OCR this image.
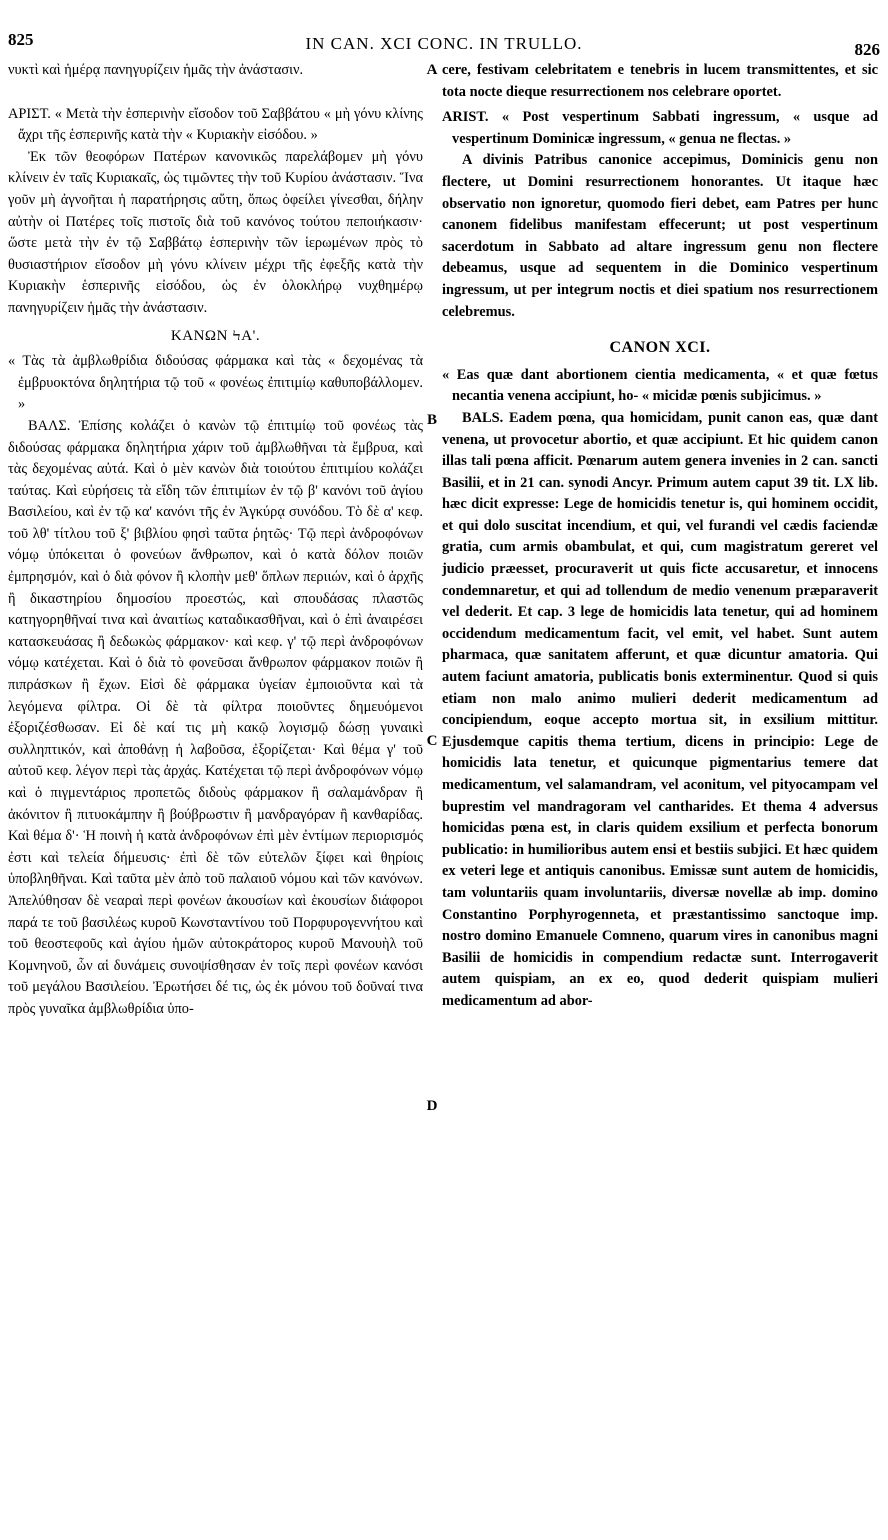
825	IN CAN. XCI CONC. IN TRULLO.	826
A
B
C
D

νυκτὶ καὶ ἡμέρᾳ πανηγυρίζειν ἡμᾶς τὴν ἀνάστασιν.

ΑΡΙΣΤ. « Μετὰ τὴν ἑσπερινὴν εἴσοδον τοῦ Σαββάτου « μὴ γόνυ κλίνης ἄχρι τῆς ἑσπερινῆς κατὰ τὴν « Κυριακὴν εἰσόδου. »

Ἐκ τῶν θεοφόρων Πατέρων κανονικῶς παρελάβομεν μὴ γόνυ κλίνειν ἐν ταῖς Κυριακαῖς, ὡς τιμῶντες τὴν τοῦ Κυρίου ἀνάστασιν. Ἵνα γοῦν μὴ ἀγνοῆται ἡ παρατήρησις αὕτη, ὅπως ὀφείλει γίνεσθαι, δήλην αὐτὴν οἱ Πατέρες τοῖς πιστοῖς διὰ τοῦ κανόνος τούτου πεποιήκασιν· ὥστε μετὰ τὴν ἐν τῷ Σαββάτῳ ἑσπερινὴν τῶν ἱερωμένων πρὸς τὸ θυσιαστήριον εἴσοδον μὴ γόνυ κλίνειν μέχρι τῆς ἐφεξῆς κατὰ τὴν Κυριακὴν ἑσπερινῆς εἰσόδου, ὡς ἐν ὁλοκλήρῳ νυχθημέρῳ πανηγυρίζειν ἡμᾶς τὴν ἀνάστασιν.

ΚΑΝΩΝ ϞΑ'.

« Τὰς τὰ ἀμβλωθρίδια διδούσας φάρμακα καὶ τὰς « δεχομένας τὰ ἐμβρυοκτόνα δηλητήρια τῷ τοῦ « φονέως ἐπιτιμίῳ καθυποβάλλομεν. »

ΒΑΛΣ. Ἐπίσης κολάζει ὁ κανὼν τῷ ἐπιτιμίῳ τοῦ φονέως τὰς διδούσας φάρμακα δηλητήρια χάριν τοῦ ἀμβλωθῆναι τὰ ἔμβρυα, καὶ τὰς δεχομένας αὐτά. Καὶ ὁ μὲν κανὼν διὰ τοιούτου ἐπιτιμίου κολάζει ταύτας. Καὶ εὑρήσεις τὰ εἴδη τῶν ἐπιτιμίων ἐν τῷ β' κανόνι τοῦ ἁγίου Βασιλείου, καὶ ἐν τῷ κα' κανόνι τῆς ἐν Ἀγκύρᾳ συνόδου. Τὸ δὲ α' κεφ. τοῦ λθ' τίτλου τοῦ ξ' βιβλίου φησὶ ταῦτα ῥητῶς· Τῷ περὶ ἀνδροφόνων νόμῳ ὑπόκειται ὁ φονεύων ἄνθρωπον, καὶ ὁ κατὰ δόλον ποιῶν ἐμπρησμόν, καὶ ὁ διὰ φόνον ἢ κλοπὴν μεθ' ὅπλων περιιών, καὶ ὁ ἀρχῆς ἢ δικαστηρίου δημοσίου προεστώς, καὶ σπουδάσας πλαστῶς κατηγορηθῆναί τινα καὶ ἀναιτίως καταδικασθῆναι, καὶ ὁ ἐπὶ ἀναιρέσει κατασκευάσας ἢ δεδωκὼς φάρμακον· καὶ κεφ. γ' τῷ περὶ ἀνδροφόνων νόμῳ κατέχεται. Καὶ ὁ διὰ τὸ φονεῦσαι ἄνθρωπον φάρμακον ποιῶν ἢ πιπράσκων ἢ ἔχων. Εἰσὶ δὲ φάρμακα ὑγείαν ἐμποιοῦντα καὶ τὰ λεγόμενα φίλτρα. Οἱ δὲ τὰ φίλτρα ποιοῦντες δημευόμενοι ἐξοριζέσθωσαν. Εἰ δὲ καί τις μὴ κακῷ λογισμῷ δώσῃ γυναικὶ συλληπτικόν, καὶ ἀποθάνῃ ἡ λαβοῦσα, ἐξορίζεται· Καὶ θέμα γ' τοῦ αὐτοῦ κεφ. λέγον περὶ τὰς ἀρχάς. Κατέχεται τῷ περὶ ἀνδροφόνων νόμῳ καὶ ὁ πιγμεντάριος προπετῶς διδοὺς φάρμακον ἢ σαλαμάνδραν ἢ ἀκόνιτον ἢ πιτυοκάμπην ἢ βούβρωστιν ἢ μανδραγόραν ἢ κανθαρίδας. Καὶ θέμα δ'· Ἡ ποινὴ ἡ κατὰ ἀνδροφόνων ἐπὶ μὲν ἐντίμων περιορισμός ἐστι καὶ τελεία δήμευσις· ἐπὶ δὲ τῶν εὐτελῶν ξίφει καὶ θηρίοις ὑποβληθῆναι. Καὶ ταῦτα μὲν ἀπὸ τοῦ παλαιοῦ νόμου καὶ τῶν κανόνων. Ἀπελύθησαν δὲ νεαραὶ περὶ φονέων ἀκουσίων καὶ ἑκουσίων διάφοροι παρά τε τοῦ βασιλέως κυροῦ Κωνσταντίνου τοῦ Πορφυρογεννήτου καὶ τοῦ θεοστεφοῦς καὶ ἁγίου ἡμῶν αὐτοκράτορος κυροῦ Μανουὴλ τοῦ Κομνηνοῦ, ὧν αἱ δυνάμεις συνοψίσθησαν ἐν τοῖς περὶ φονέων κανόσι τοῦ μεγάλου Βασιλείου. Ἐρωτήσει δέ τις, ὡς ἐκ μόνου τοῦ δοῦναί τινα πρὸς γυναῖκα ἀμβλωθρίδια ὑπο-

cere, festivam celebritatem e tenebris in lucem transmittentes, et sic tota nocte dieque resurrectionem nos celebrare oportet.

ARIST. « Post vespertinum Sabbati ingressum, « usque ad vespertinum Dominicæ ingressum, « genua ne flectas. »

A divinis Patribus canonice accepimus, Dominicis genu non flectere, ut Domini resurrectionem honorantes. Ut itaque hæc observatio non ignoretur, quomodo fieri debet, eam Patres per hunc canonem fidelibus manifestam effecerunt; ut post vespertinum sacerdotum in Sabbato ad altare ingressum genu non flectere debeamus, usque ad sequentem in die Dominico vespertinum ingressum, ut per integrum noctis et diei spatium nos resurrectionem celebremus.

CANON XCI.

« Eas quæ dant abortionem cientia medicamenta, « et quæ fœtus necantia venena accipiunt, ho- « micidæ pœnis subjicimus. »

BALS. Eadem pœna, qua homicidam, punit canon eas, quæ dant venena, ut provocetur abortio, et quæ accipiunt. Et hic quidem canon illas tali pœna afficit. Pœnarum autem genera invenies in 2 can. sancti Basilii, et in 21 can. synodi Ancyr. Primum autem caput 39 tit. LX lib. hæc dicit expresse: Lege de homicidis tenetur is, qui hominem occidit, et qui dolo suscitat incendium, et qui, vel furandi vel cædis faciendæ gratia, cum armis obambulat, et qui, cum magistratum gereret vel judicio præesset, procuraverit ut quis ficte accusaretur, et innocens condemnaretur, et qui ad tollendum de medio venenum præparaverit vel dederit. Et cap. 3 lege de homicidis lata tenetur, qui ad hominem occidendum medicamentum facit, vel emit, vel habet. Sunt autem pharmaca, quæ sanitatem afferunt, et quæ dicuntur amatoria. Qui autem faciunt amatoria, publicatis bonis exterminentur. Quod si quis etiam non malo animo mulieri dederit medicamentum ad concipiendum, eoque accepto mortua sit, in exsilium mittitur. Ejusdemque capitis thema tertium, dicens in principio: Lege de homicidis lata tenetur, et quicunque pigmentarius temere dat medicamentum, vel salamandram, vel aconitum, vel pityocampam vel buprestim vel mandragoram vel cantharides. Et thema 4 adversus homicidas pœna est, in claris quidem exsilium et perfecta bonorum publicatio: in humilioribus autem ensi et bestiis subjici. Et hæc quidem ex veteri lege et antiquis canonibus. Emissæ sunt autem de homicidis, tam voluntariis quam involuntariis, diversæ novellæ ab imp. domino Constantino Porphyrogenneta, et præstantissimo sanctoque imp. nostro domino Emanuele Comneno, quarum vires in canonibus magni Basilii de homicidis in compendium redactæ sunt. Interrogaverit autem quispiam, an ex eo, quod dederit quispiam mulieri medicamentum ad abor-
